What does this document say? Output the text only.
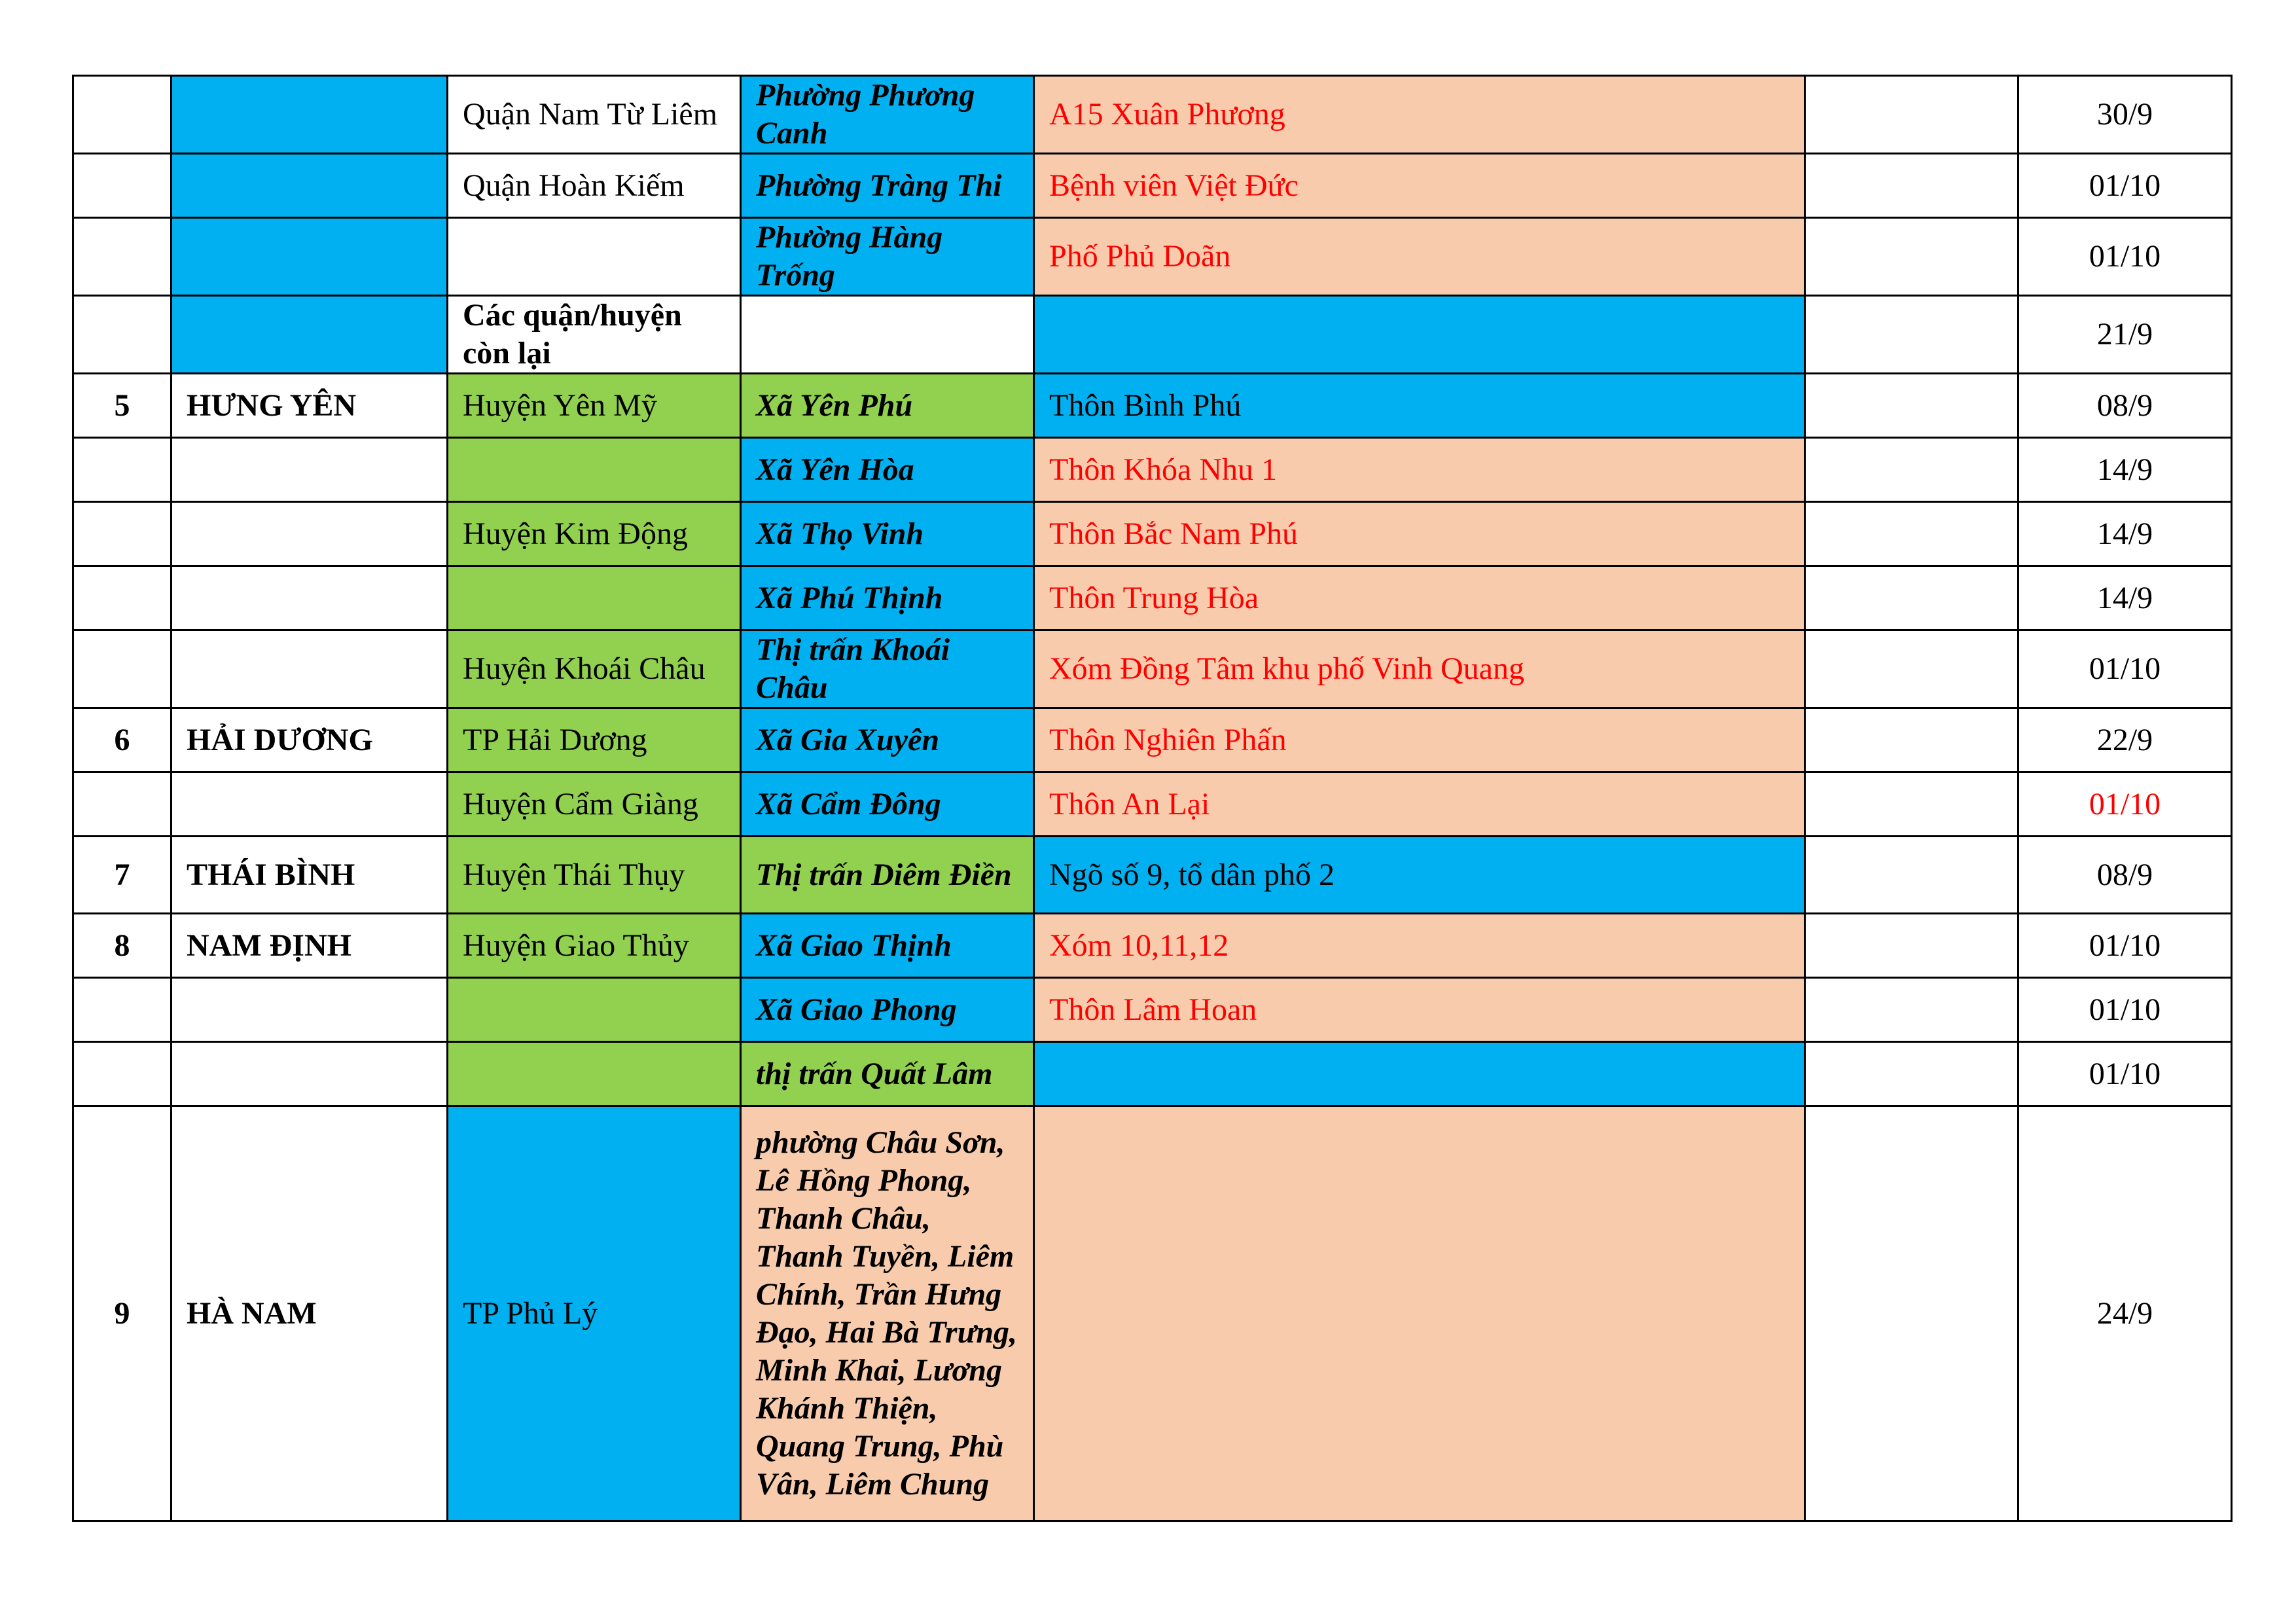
		Quận Nam Từ Liêm	Phường Phương Canh	A15 Xuân Phương		30/9
		Quận Hoàn Kiếm	Phường Tràng Thi	Bệnh viên Việt Đức		01/10
			Phường Hàng Trống	Phố Phủ Doãn		01/10
		Các quận/huyện còn lại				21/9
5	HƯNG YÊN	Huyện Yên Mỹ	Xã Yên Phú	Thôn Bình Phú		08/9
			Xã Yên Hòa	Thôn Khóa Nhu 1		14/9
		Huyện Kim Động	Xã Thọ Vinh	Thôn Bắc Nam Phú		14/9
			Xã Phú Thịnh	Thôn Trung Hòa		14/9
		Huyện Khoái Châu	Thị trấn Khoái Châu	Xóm Đồng Tâm khu phố Vinh Quang		01/10
6	HẢI DƯƠNG	TP Hải Dương	Xã Gia Xuyên	Thôn Nghiên Phấn		22/9
		Huyện Cẩm Giàng	Xã Cẩm Đông	Thôn An Lại		01/10
7	THÁI BÌNH	Huyện Thái Thụy	Thị trấn Diêm Điền	Ngõ số 9, tổ dân phố 2		08/9
8	NAM ĐỊNH	Huyện Giao Thủy	Xã Giao Thịnh	Xóm 10,11,12		01/10
			Xã Giao Phong	Thôn Lâm Hoan		01/10
			thị trấn Quất Lâm			01/10
9	HÀ NAM	TP Phủ Lý	phường Châu Sơn, Lê Hồng Phong, Thanh Châu, Thanh Tuyền, Liêm Chính, Trần Hưng Đạo, Hai Bà Trưng, Minh Khai, Lương Khánh Thiện, Quang Trung, Phù Vân, Liêm Chung			24/9
